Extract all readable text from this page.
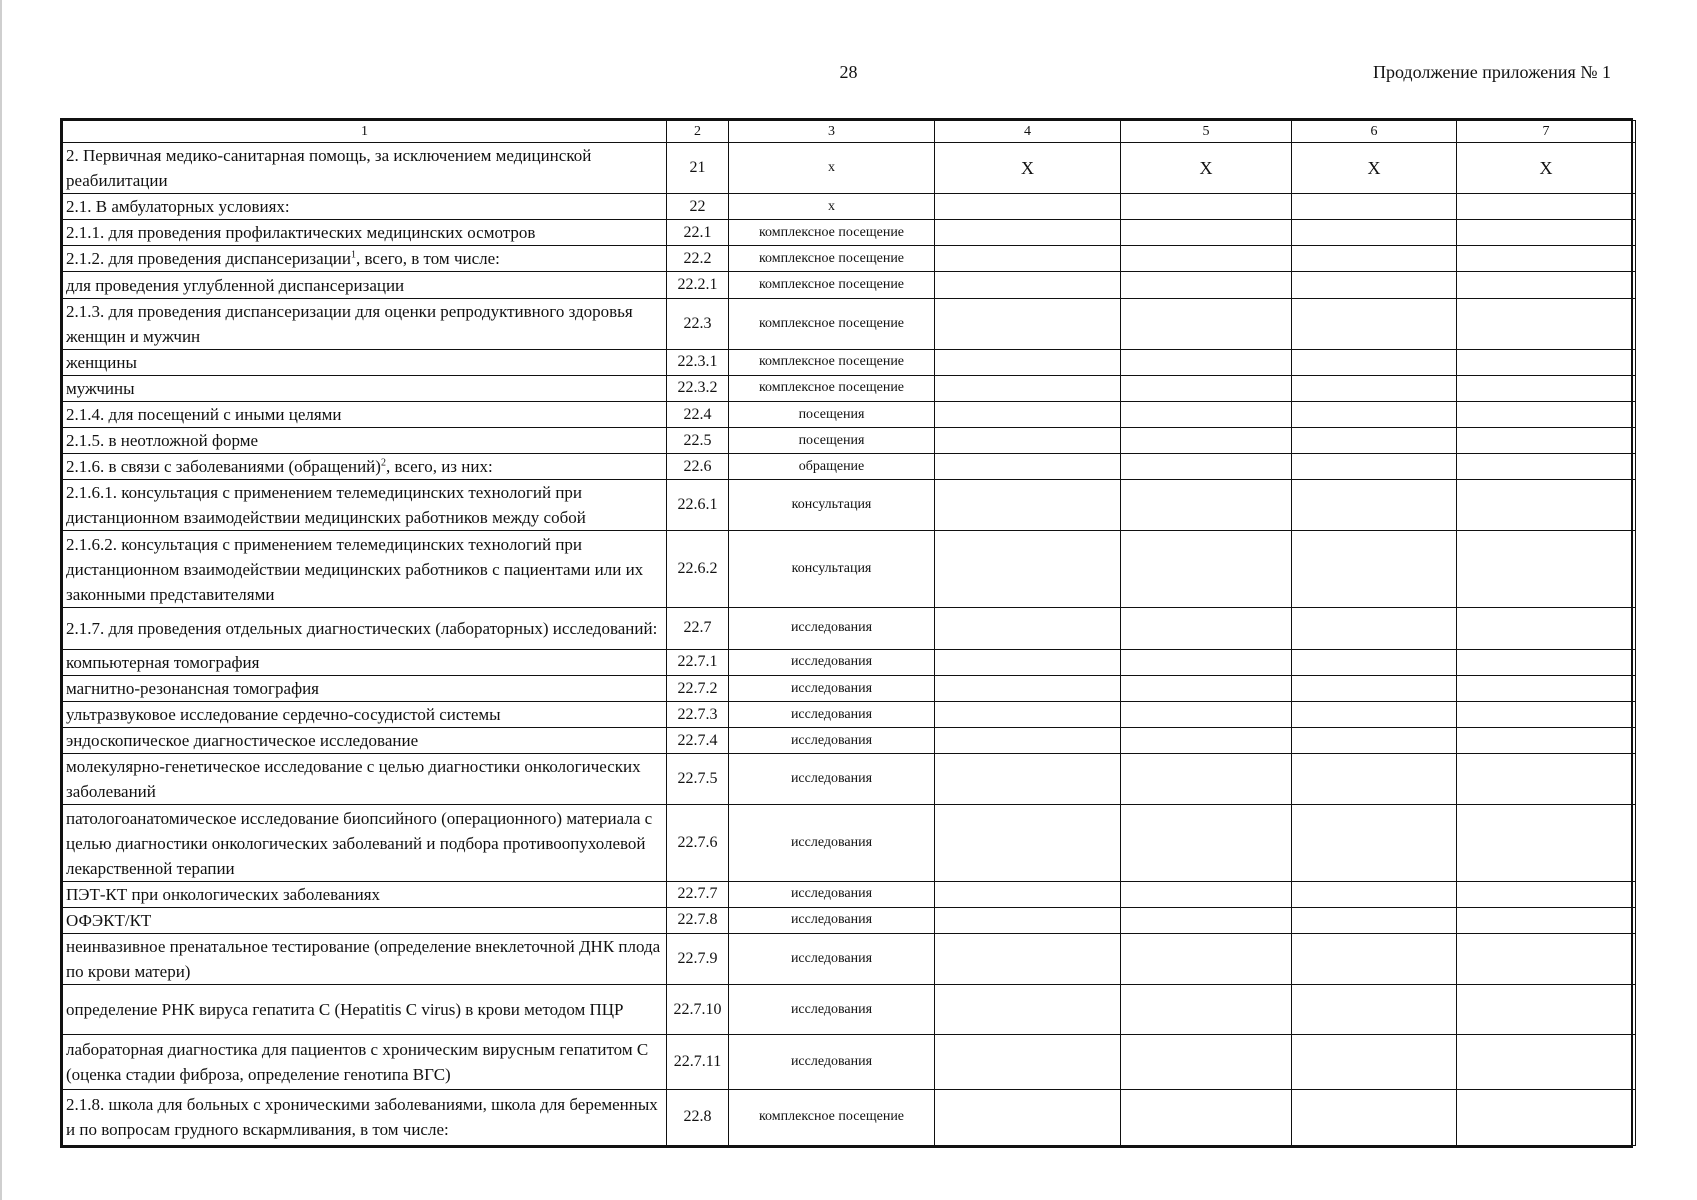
28	Продолжение приложения № 1
1	2	3	4	5	6	7
2. Первичная медико-санитарная помощь, за исключением медицинской реабилитации	21	х	Х	Х	Х	Х
2.1. В амбулаторных условиях:	22	х				
2.1.1. для проведения профилактических медицинских осмотров	22.1	комплексное посещение				
2.1.2. для проведения диспансеризации$^1$, всего, в том числе:	22.2	комплексное посещение				
для проведения углубленной диспансеризации	22.2.1	комплексное посещение				
2.1.3. для проведения диспансеризации для оценки репродуктивного здоровья женщин и мужчин	22.3	комплексное посещение				
женщины	22.3.1	комплексное посещение				
мужчины	22.3.2	комплексное посещение				
2.1.4. для посещений с иными целями	22.4	посещения				
2.1.5. в неотложной форме	22.5	посещения				
2.1.6. в связи с заболеваниями (обращений)$^2$, всего, из них:	22.6	обращение				
2.1.6.1. консультация с применением телемедицинских технологий при дистанционном взаимодействии медицинских работников между собой	22.6.1	консультация				
2.1.6.2. консультация с применением телемедицинских технологий при дистанционном взаимодействии медицинских работников с пациентами или их законными представителями	22.6.2	консультация				
2.1.7. для проведения отдельных диагностических (лабораторных) исследований:	22.7	исследования				
компьютерная томография	22.7.1	исследования				
магнитно-резонансная томография	22.7.2	исследования				
ультразвуковое исследование сердечно-сосудистой системы	22.7.3	исследования				
эндоскопическое диагностическое исследование	22.7.4	исследования				
молекулярно-генетическое исследование с целью диагностики онкологических заболеваний	22.7.5	исследования				
патологоанатомическое исследование биопсийного (операционного) материала с целью диагностики онкологических заболеваний и подбора противоопухолевой лекарственной терапии	22.7.6	исследования				
ПЭТ-КТ при онкологических заболеваниях	22.7.7	исследования				
ОФЭКТ/КТ	22.7.8	исследования				
неинвазивное пренатальное тестирование (определение внеклеточной ДНК плода по крови матери)	22.7.9	исследования				
определение РНК вируса гепатита C (Hepatitis C virus) в крови методом ПЦР	22.7.10	исследования				
лабораторная диагностика для пациентов с хроническим вирусным гепатитом C (оценка стадии фиброза, определение генотипа ВГС)	22.7.11	исследования				
2.1.8. школа для больных с хроническими заболеваниями, школа для беременных и по вопросам грудного вскармливания, в том числе:	22.8	комплексное посещение				
